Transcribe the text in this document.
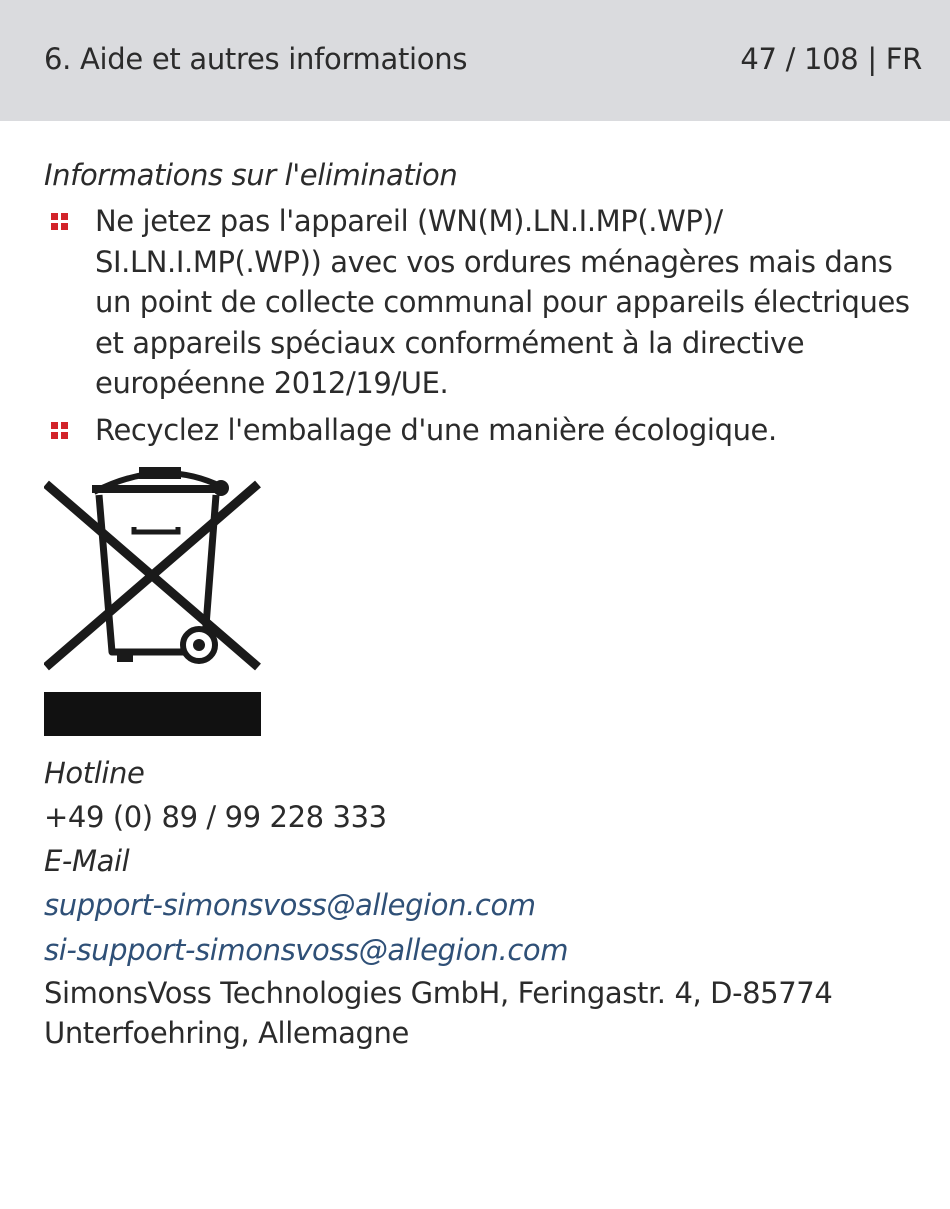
6. Aide et autres informations	47 / 108 | FR
Informations sur l'elimination
Ne jetez pas l'appareil (WN(M).LN.I.MP(.WP)/ SI.LN.I.MP(.WP)) avec vos ordures ménagères mais dans un point de collecte communal pour appareils électriques et appareils spéciaux conformément à la directive européenne 2012/19/UE.
Recyclez l'emballage d'une manière écologique.
Hotline
+49 (0) 89 / 99 228 333
E-Mail
support-simonsvoss@allegion.com
si-support-simonsvoss@allegion.com
SimonsVoss Technologies GmbH, Feringastr. 4, D-85774 Unterfoehring, Allemagne
